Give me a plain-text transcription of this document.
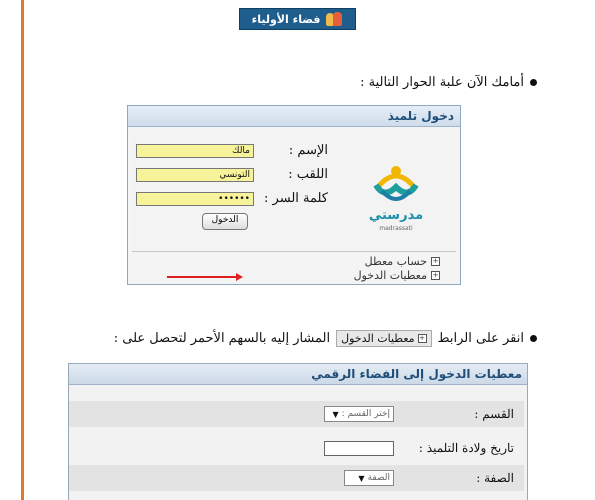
فضاء الأولياء
أمامك الآن علبة الحوار التالية :
دخول تلميذ
مدرستي
madrassati
الإسم :
مالك
اللقب :
التونسي
كلمة السر :
••••••
الدخول
+
حساب معطل
+
معطيات الدخول
انقر على الرابط
+
معطيات الدخول
المشار إليه بالسهم الأحمر لتحصل على :
معطيات الدخول إلى الفضاء الرقمي
القسم :
إختر القسم :
▼
تاريخ ولادة التلميذ :
الصفة :
الصفة
▼
